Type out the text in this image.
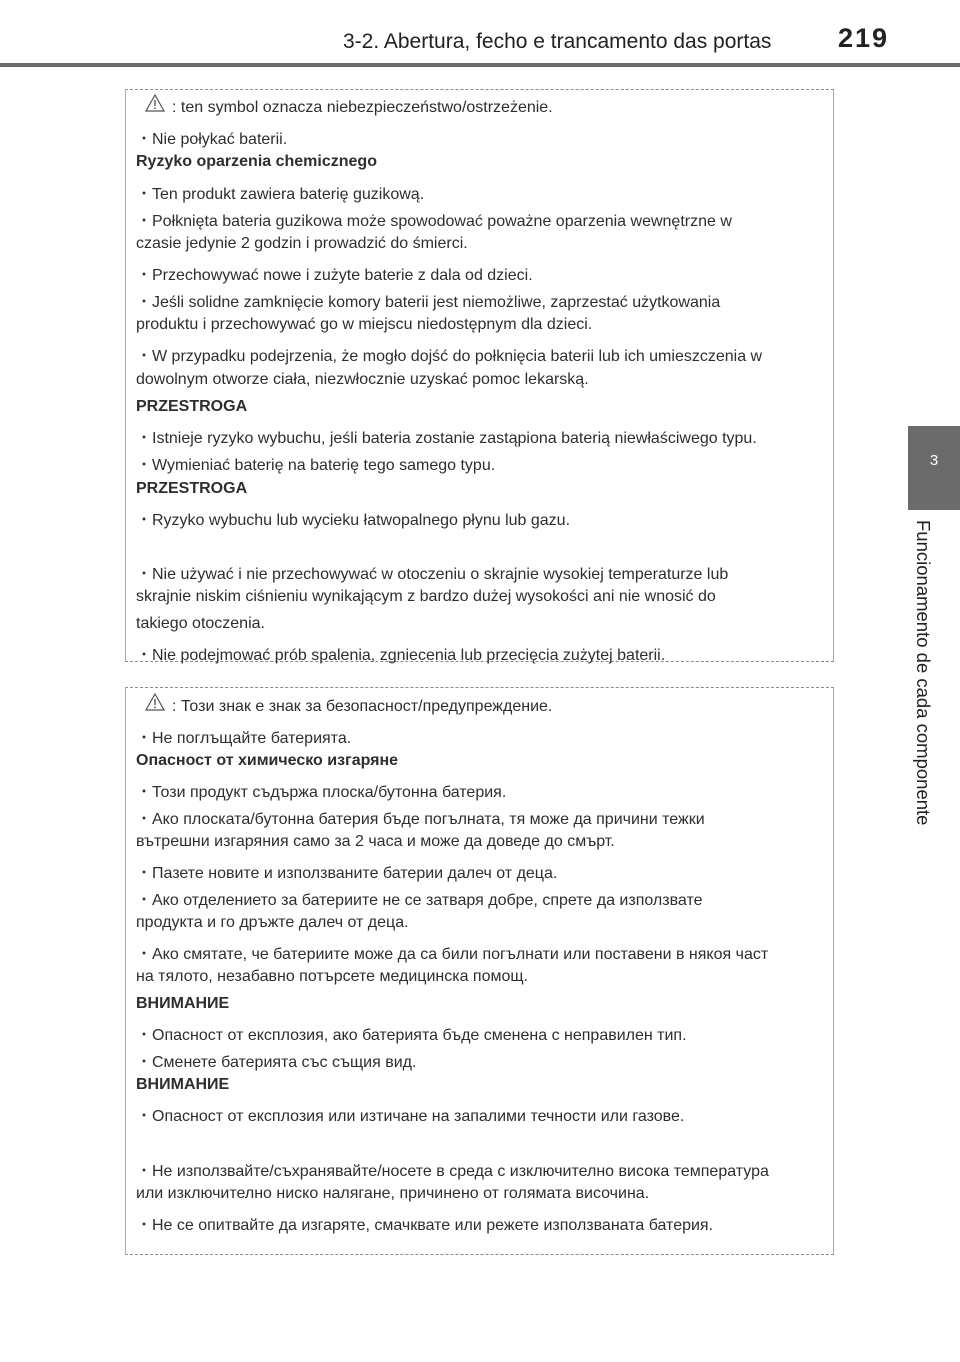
3-2. Abertura, fecho e trancamento das portas 219
3
Funcionamento de cada componente
: ten symbol oznacza niebezpieczeństwo/ostrzeżenie.
・Nie połykać baterii.
Ryzyko oparzenia chemicznego
・Ten produkt zawiera baterię guzikową.
・Połknięta bateria guzikowa może spowodować poważne oparzenia wewnętrzne w
czasie jedynie 2 godzin i prowadzić do śmierci.
・Przechowywać nowe i zużyte baterie z dala od dzieci.
・Jeśli solidne zamknięcie komory baterii jest niemożliwe, zaprzestać użytkowania
produktu i przechowywać go w miejscu niedostępnym dla dzieci.
・W przypadku podejrzenia, że mogło dojść do połknięcia baterii lub ich umieszczenia w
dowolnym otworze ciała, niezwłocznie uzyskać pomoc lekarską.
PRZESTROGA
・Istnieje ryzyko wybuchu, jeśli bateria zostanie zastąpiona baterią niewłaściwego typu.
・Wymieniać baterię na baterię tego samego typu.
PRZESTROGA
・Ryzyko wybuchu lub wycieku łatwopalnego płynu lub gazu.
・Nie używać i nie przechowywać w otoczeniu o skrajnie wysokiej temperaturze lub
skrajnie niskim ciśnieniu wynikającym z bardzo dużej wysokości ani nie wnosić do
takiego otoczenia.
・Nie podejmować prób spalenia, zgniecenia lub przecięcia zużytej baterii.
: Този знак е знак за безопасност/предупреждение.
・Не поглъщайте батерията.
Опасност от химическо изгаряне
・Този продукт съдържа плоска/бутонна батерия.
・Ако плоската/бутонна батерия бъде погълната, тя може да причини тежки
вътрешни изгаряния само за 2 часа и може да доведе до смърт.
・Пазете новите и използваните батерии далеч от деца.
・Ако отделението за батериите не се затваря добре, спрете да използвате
продукта и го дръжте далеч от деца.
・Ако смятате, че батериите може да са били погълнати или поставени в някоя част
на тялото, незабавно потърсете медицинска помощ.
ВНИМАНИЕ
・Опасност от експлозия, ако батерията бъде сменена с неправилен тип.
・Сменете батерията със същия вид.
ВНИМАНИЕ
・Опасност от експлозия или изтичане на запалими течности или газове.
・Не използвайте/съхранявайте/носете в среда с изключително висока температура
или изключително ниско налягане, причинено от голямата височина.
・Не се опитвайте да изгаряте, смачквате или режете използваната батерия.
